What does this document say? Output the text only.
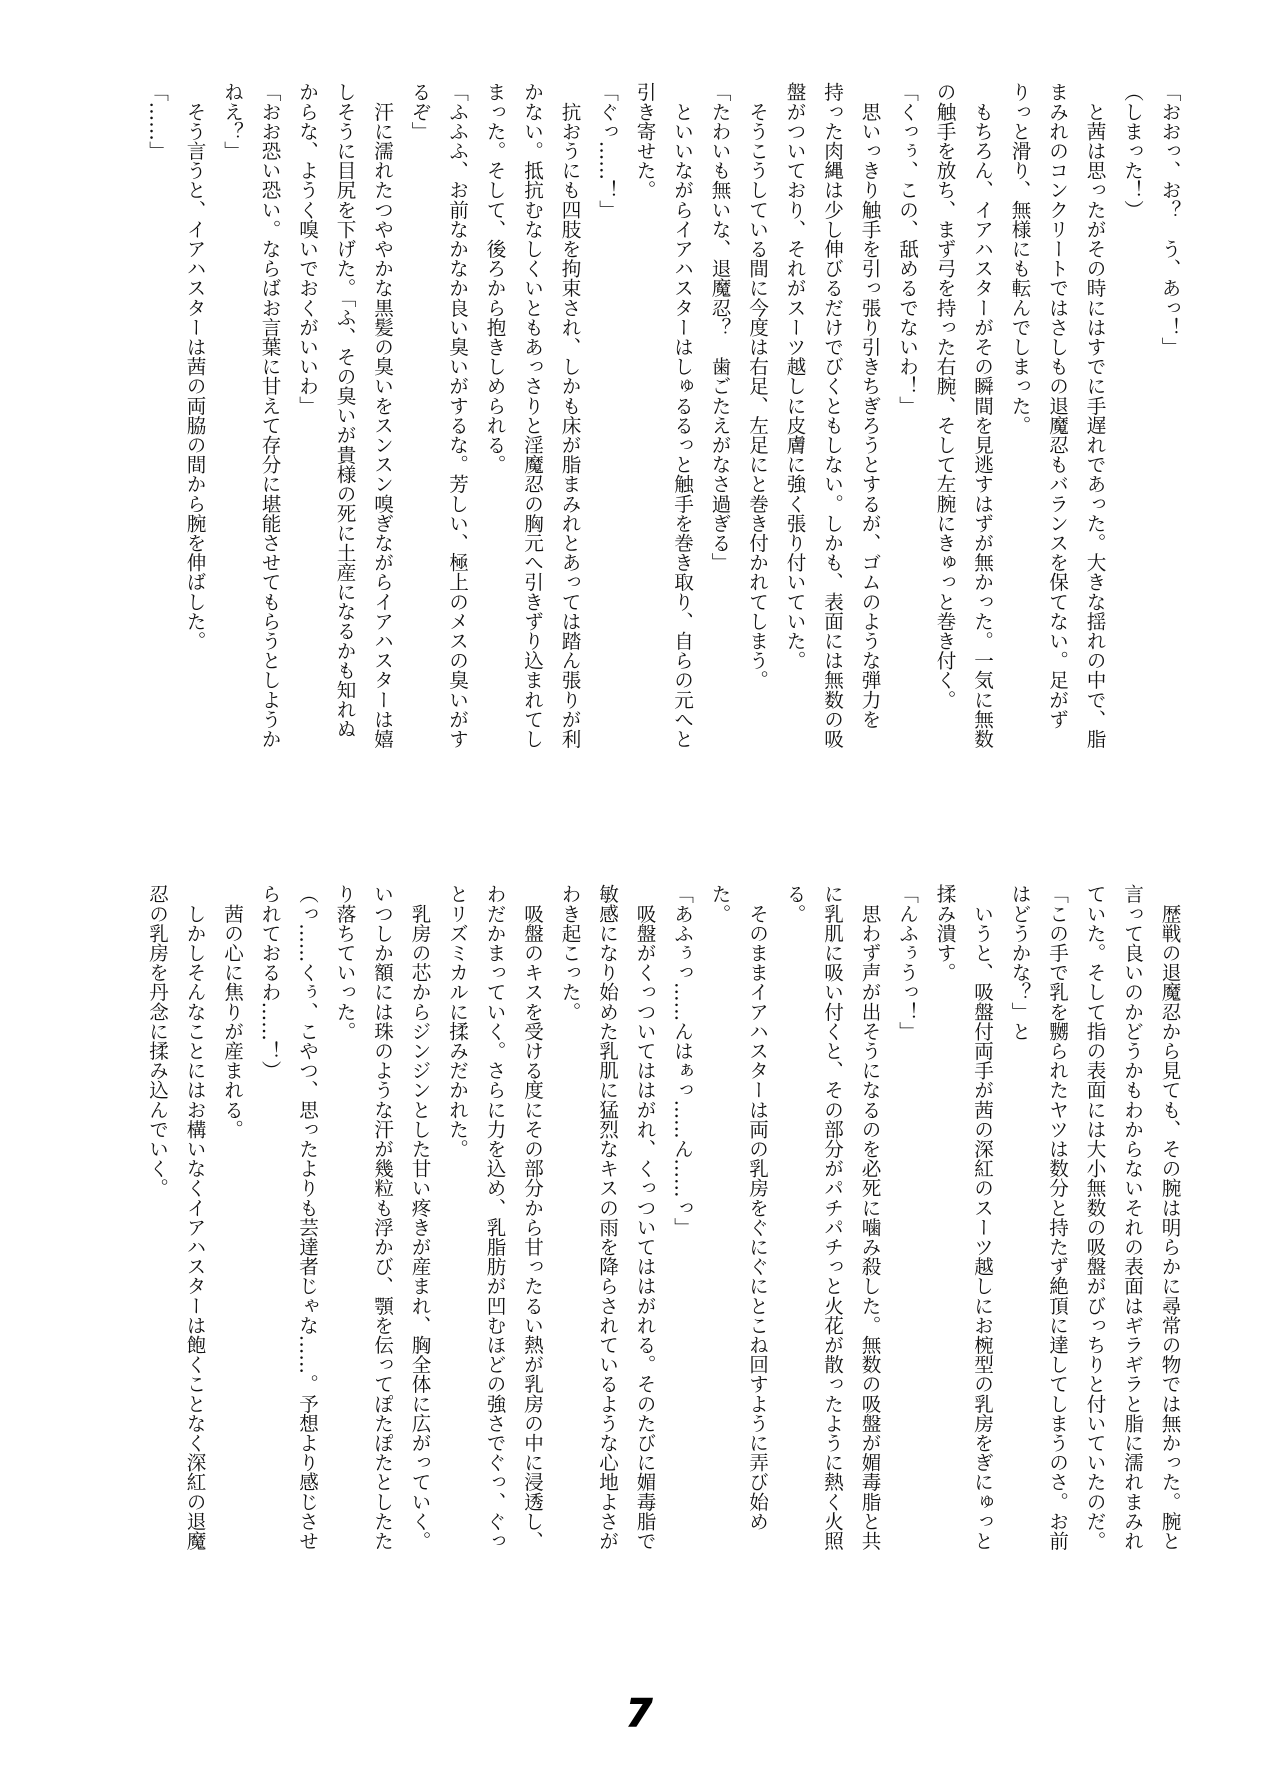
「おおっ、お？　う、あっ！」
（しまった！）
　と茜は思ったがその時にはすでに手遅れであった。大きな揺れの中で、脂
まみれのコンクリートではさしもの退魔忍もバランスを保てない。足がず
りっと滑り、無様にも転んでしまった。
　もちろん、イアハスターがその瞬間を見逃すはずが無かった。一気に無数
の触手を放ち、まず弓を持った右腕、そして左腕にきゅっと巻き付く。
「くっぅ、この、舐めるでないわ！」
　思いっきり触手を引っ張り引きちぎろうとするが、ゴムのような弾力を
持った肉縄は少し伸びるだけでびくともしない。しかも、表面には無数の吸
盤がついており、それがスーツ越しに皮膚に強く張り付いていた。
　そうこうしている間に今度は右足、左足にと巻き付かれてしまう。
「たわいも無いな、退魔忍？　歯ごたえがなさ過ぎる」
　といいながらイアハスターはしゅるるっと触手を巻き取り、自らの元へと
引き寄せた。
「ぐっ……！」
　抗おうにも四肢を拘束され、しかも床が脂まみれとあっては踏ん張りが利
かない。抵抗むなしくいともあっさりと淫魔忍の胸元へ引きずり込まれてし
まった。そして、後ろから抱きしめられる。
「ふふふ、お前なかなか良い臭いがするな。芳しい、極上のメスの臭いがす
るぞ」
　汗に濡れたつややかな黒髪の臭いをスンスン嗅ぎながらイアハスターは嬉
しそうに目尻を下げた。「ふ、その臭いが貴様の死に土産になるかも知れぬ
からな、ようく嗅いでおくがいいわ」
「おお恐い恐い。ならばお言葉に甘えて存分に堪能させてもらうとしようか
ねえ？」
　そう言うと、イアハスターは茜の両脇の間から腕を伸ばした。
「……」
　歴戦の退魔忍から見ても、その腕は明らかに尋常の物では無かった。腕と
言って良いのかどうかもわからないそれの表面はギラギラと脂に濡れまみれ
ていた。そして指の表面には大小無数の吸盤がびっちりと付いていたのだ。
「この手で乳を嬲られたヤツは数分と持たず絶頂に達してしまうのさ。お前
はどうかな？」と
　いうと、吸盤付両手が茜の深紅のスーツ越しにお椀型の乳房をぎにゅっと
揉み潰す。
「んふぅうっ！」
　思わず声が出そうになるのを必死に噛み殺した。無数の吸盤が媚毒脂と共
に乳肌に吸い付くと、その部分がパチパチっと火花が散ったように熱く火照
る。
　そのままイアハスターは両の乳房をぐにぐにとこね回すように弄び始め
た。
「あふぅっ……んはぁっ……ん……っ」
　吸盤がくっついてははがれ、くっついてははがれる。そのたびに媚毒脂で
敏感になり始めた乳肌に猛烈なキスの雨を降らされているような心地よさが
わき起こった。
　吸盤のキスを受ける度にその部分から甘ったるい熱が乳房の中に浸透し、
わだかまっていく。さらに力を込め、乳脂肪が凹むほどの強さでぐっ、ぐっ
とリズミカルに揉みだかれた。
　乳房の芯からジンジンとした甘い疼きが産まれ、胸全体に広がっていく。
いつしか額には珠のような汗が幾粒も浮かび、顎を伝ってぽたぽたとしたた
り落ちていった。
（っ……くぅ、こやつ、思ったよりも芸達者じゃな……。予想より感じさせ
られておるわ……！）
　茜の心に焦りが産まれる。
　しかしそんなことにはお構いなくイアハスターは飽くことなく深紅の退魔
忍の乳房を丹念に揉み込んでいく。
7
